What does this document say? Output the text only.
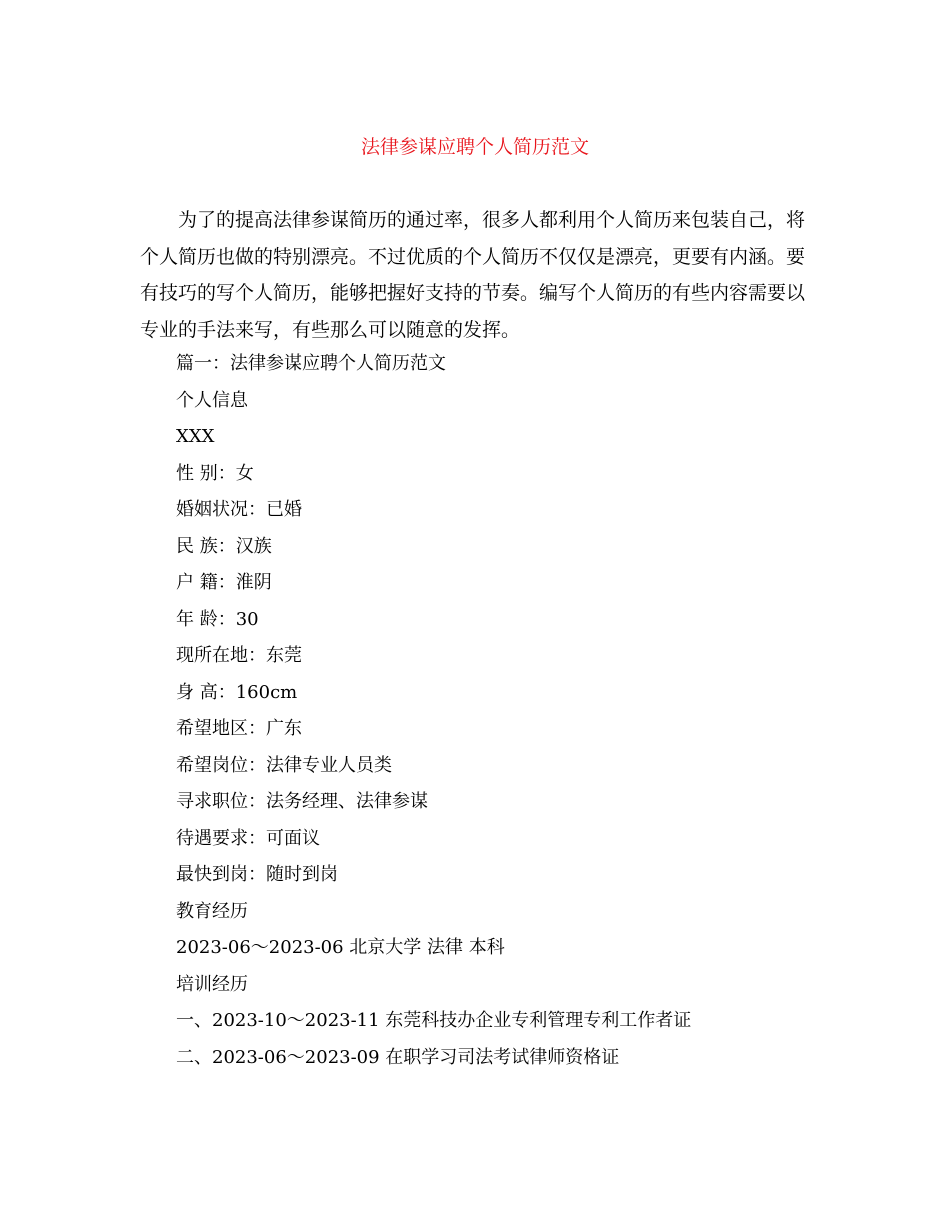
法律参谋应聘个人简历范文

为了的提高法律参谋简历的通过率，很多人都利用个人简历来包装自己，将个人简历也做的特别漂亮。不过优质的个人简历不仅仅是漂亮，更要有内涵。要有技巧的写个人简历，能够把握好支持的节奏。编写个人简历的有些内容需要以专业的手法来写，有些那么可以随意的发挥。

篇一：法律参谋应聘个人简历范文
个人信息
XXX
性 别：女
婚姻状况：已婚
民 族：汉族
户 籍：淮阴
年 龄：30
现所在地：东莞
身 高：160cm
希望地区：广东
希望岗位：法律专业人员类
寻求职位：法务经理、法律参谋
待遇要求：可面议
最快到岗：随时到岗
教育经历
2023-06～2023-06 北京大学 法律 本科
培训经历
一、2023-10～2023-11 东莞科技办企业专利管理专利工作者证
二、2023-06～2023-09 在职学习司法考试律师资格证
